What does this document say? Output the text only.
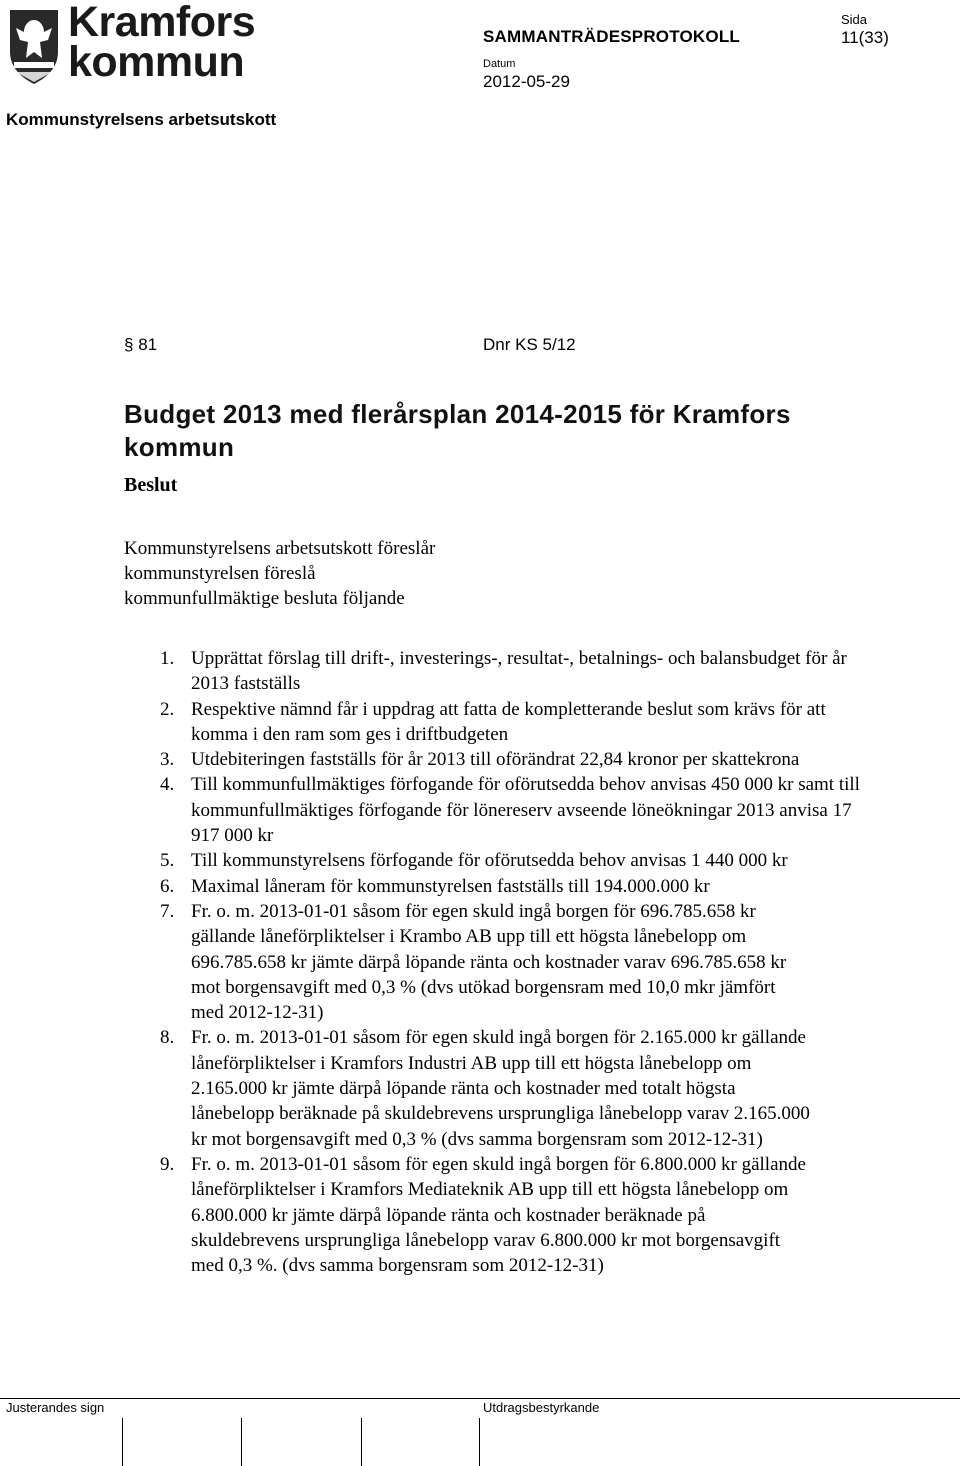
Kramfors
kommun
SAMMANTRÄDESPROTOKOLL
Sida
11(33)
Datum
2012-05-29
Kommunstyrelsens arbetsutskott
§ 81	Dnr KS 5/12
Budget 2013 med flerårsplan 2014-2015 för Kramfors kommun
Beslut
Kommunstyrelsens arbetsutskott föreslår
kommunstyrelsen föreslå
kommunfullmäktige besluta följande
1. Upprättat förslag till drift-, investerings-, resultat-, betalnings- och balansbudget för år 2013 fastställs
2. Respektive nämnd får i uppdrag att fatta de kompletterande beslut som krävs för att komma i den ram som ges i driftbudgeten
3. Utdebiteringen fastställs för år 2013 till oförändrat 22,84 kronor per skattekrona
4. Till kommunfullmäktiges förfogande för oförutsedda behov anvisas 450 000 kr samt till kommunfullmäktiges förfogande för lönereserv avseende löneökningar 2013 anvisa 17 917 000 kr
5. Till kommunstyrelsens förfogande för oförutsedda behov anvisas 1 440 000 kr
6. Maximal låneram för kommunstyrelsen fastställs till 194.000.000 kr
7. Fr. o. m. 2013-01-01 såsom för egen skuld ingå borgen för 696.785.658 kr gällande låneförpliktelser i Krambo AB upp till ett högsta lånebelopp om 696.785.658 kr jämte därpå löpande ränta och kostnader varav 696.785.658 kr mot borgensavgift med 0,3 % (dvs utökad borgensram med 10,0 mkr jämfört med 2012-12-31)
8. Fr. o. m. 2013-01-01 såsom för egen skuld ingå borgen för 2.165.000 kr gällande låneförpliktelser i Kramfors Industri AB upp till ett högsta lånebelopp om 2.165.000 kr jämte därpå löpande ränta och kostnader med totalt högsta lånebelopp beräknade på skuldebrevens ursprungliga lånebelopp varav 2.165.000 kr mot borgensavgift med 0,3 % (dvs samma borgensram som 2012-12-31)
9. Fr. o. m. 2013-01-01 såsom för egen skuld ingå borgen för 6.800.000 kr gällande låneförpliktelser i Kramfors Mediateknik AB upp till ett högsta lånebelopp om 6.800.000 kr jämte därpå löpande ränta och kostnader beräknade på skuldebrevens ursprungliga lånebelopp varav 6.800.000 kr mot borgensavgift med 0,3 %. (dvs samma borgensram som 2012-12-31)
Justerandes sign	Utdragsbestyrkande
